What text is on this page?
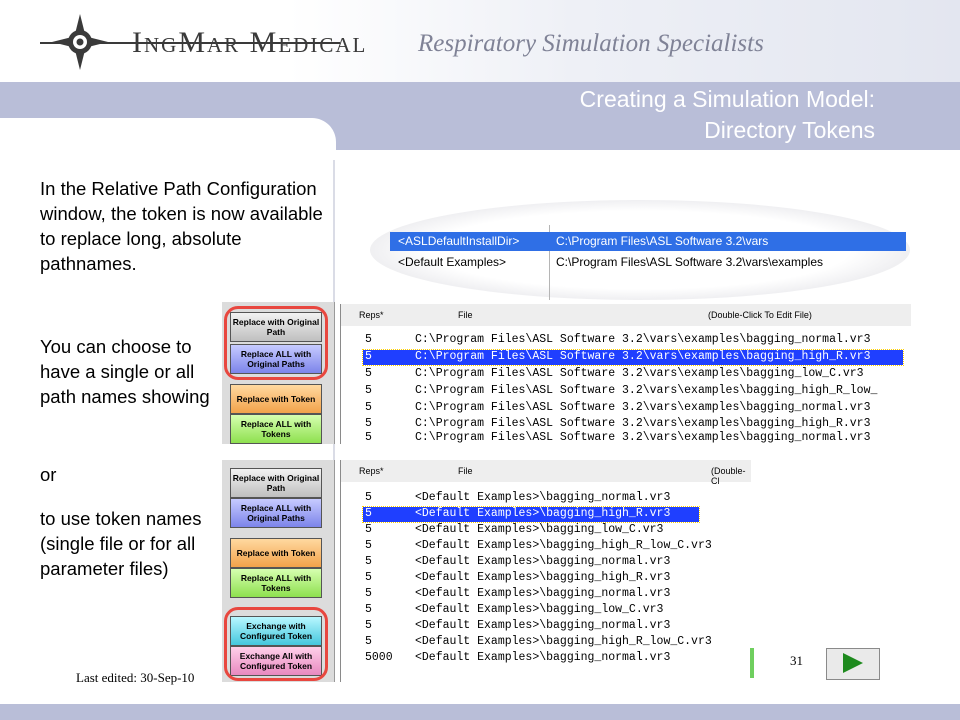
IngMar Medical Respiratory Simulation Specialists
Creating a Simulation Model:
Directory Tokens
In the Relative Path Configuration window, the token is now available to replace long, absolute pathnames.
You can choose to have a single or all path names showing
or
to use token names (single file or for all parameter files)
<ASLDefaultInstallDir>	C:\Program Files\ASL Software 3.2\vars
<Default Examples>	C:\Program Files\ASL Software 3.2\vars\examples
Replace with Original Path
Replace ALL with Original Paths
Replace with Token
Replace ALL with Tokens
Reps*	File	(Double-Click To Edit File)
5	C:\Program Files\ASL Software 3.2\vars\examples\bagging_normal.vr3
5	C:\Program Files\ASL Software 3.2\vars\examples\bagging_high_R.vr3
5	C:\Program Files\ASL Software 3.2\vars\examples\bagging_low_C.vr3
5	C:\Program Files\ASL Software 3.2\vars\examples\bagging_high_R_low_
5	C:\Program Files\ASL Software 3.2\vars\examples\bagging_normal.vr3
5	C:\Program Files\ASL Software 3.2\vars\examples\bagging_high_R.vr3
5	C:\Program Files\ASL Software 3.2\vars\examples\bagging_normal.vr3
Replace with Original Path
Replace ALL with Original Paths
Replace with Token
Replace ALL with Tokens
Exchange with Configured Token
Exchange All with Configured Token
Reps*	File	(Double-Cl
5	<Default Examples>\bagging_normal.vr3
5	<Default Examples>\bagging_high_R.vr3
5	<Default Examples>\bagging_low_C.vr3
5	<Default Examples>\bagging_high_R_low_C.vr3
5	<Default Examples>\bagging_normal.vr3
5	<Default Examples>\bagging_high_R.vr3
5	<Default Examples>\bagging_normal.vr3
5	<Default Examples>\bagging_low_C.vr3
5	<Default Examples>\bagging_normal.vr3
5	<Default Examples>\bagging_high_R_low_C.vr3
5000 <Default Examples>\bagging_normal.vr3
Last edited: 30-Sep-10
31
